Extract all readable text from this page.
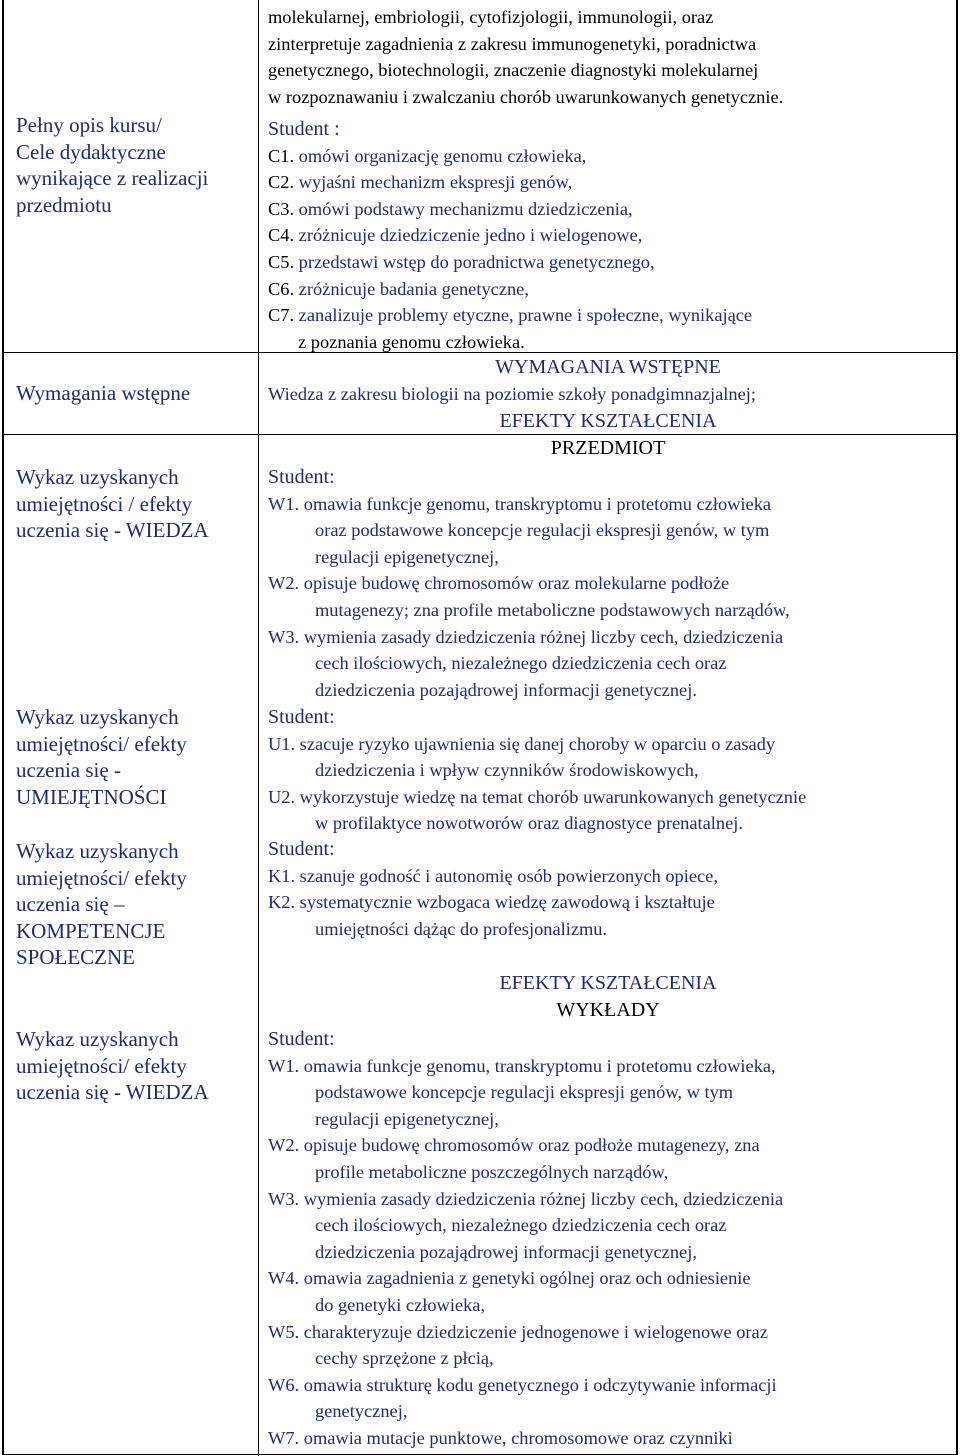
molekularnej, embriologii, cytofizjologii, immunologii, oraz
zinterpretuje zagadnienia z zakresu immunogenetyki, poradnictwa
genetycznego, biotechnologii, znaczenie diagnostyki molekularnej
w rozpoznawaniu i zwalczaniu chorób uwarunkowanych genetycznie.
Pełny opis kursu/
Cele dydaktyczne
wynikające z realizacji
przedmiotu
Student :
C1. omówi organizację genomu człowieka,
C2. wyjaśni mechanizm ekspresji genów,
C3. omówi podstawy mechanizmu dziedziczenia,
C4. zróżnicuje dziedziczenie jedno i wielogenowe,
C5. przedstawi wstęp do poradnictwa genetycznego,
C6. zróżnicuje badania genetyczne,
C7. zanalizuje problemy etyczne, prawne i społeczne, wynikające
z poznania genomu człowieka.
Wymagania wstępne
WYMAGANIA WSTĘPNE
Wiedza z zakresu biologii na poziomie szkoły ponadgimnazjalnej;
EFEKTY KSZTAŁCENIA
PRZEDMIOT
Wykaz uzyskanych
umiejętności / efekty
uczenia się - WIEDZA
Student:
W1. omawia funkcje genomu, transkryptomu i protetomu człowieka
oraz podstawowe koncepcje regulacji ekspresji genów, w tym
regulacji epigenetycznej,
W2. opisuje budowę chromosomów oraz molekularne podłoże
mutagenezy; zna profile metaboliczne podstawowych narządów,
W3. wymienia zasady dziedziczenia różnej liczby cech, dziedziczenia
cech ilościowych, niezależnego dziedziczenia cech oraz
dziedziczenia pozajądrowej informacji genetycznej.
Wykaz uzyskanych
umiejętności/ efekty
uczenia się -
UMIEJĘTNOŚCI
Student:
U1. szacuje ryzyko ujawnienia się danej choroby w oparciu o zasady
dziedziczenia i wpływ czynników środowiskowych,
U2. wykorzystuje wiedzę na temat chorób uwarunkowanych genetycznie
w profilaktyce nowotworów oraz diagnostyce prenatalnej.
Wykaz uzyskanych
umiejętności/ efekty
uczenia się –
KOMPETENCJE
SPOŁECZNE
Student:
K1. szanuje godność i autonomię osób powierzonych opiece,
K2. systematycznie wzbogaca wiedzę zawodową i kształtuje
umiejętności dążąc do profesjonalizmu.
EFEKTY KSZTAŁCENIA
WYKŁADY
Wykaz uzyskanych
umiejętności/ efekty
uczenia się - WIEDZA
Student:
W1. omawia funkcje genomu, transkryptomu i protetomu człowieka,
podstawowe koncepcje regulacji ekspresji genów, w tym
regulacji epigenetycznej,
W2. opisuje budowę chromosomów oraz podłoże mutagenezy, zna
profile metaboliczne poszczególnych narządów,
W3. wymienia zasady dziedziczenia różnej liczby cech, dziedziczenia
cech ilościowych, niezależnego dziedziczenia cech oraz
dziedziczenia pozajądrowej informacji genetycznej,
W4. omawia zagadnienia z genetyki ogólnej oraz och odniesienie
do genetyki człowieka,
W5. charakteryzuje dziedziczenie jednogenowe i wielogenowe oraz
cechy sprzężone z płcią,
W6. omawia strukturę kodu genetycznego i odczytywanie informacji
genetycznej,
W7. omawia mutacje punktowe, chromosomowe oraz czynniki
